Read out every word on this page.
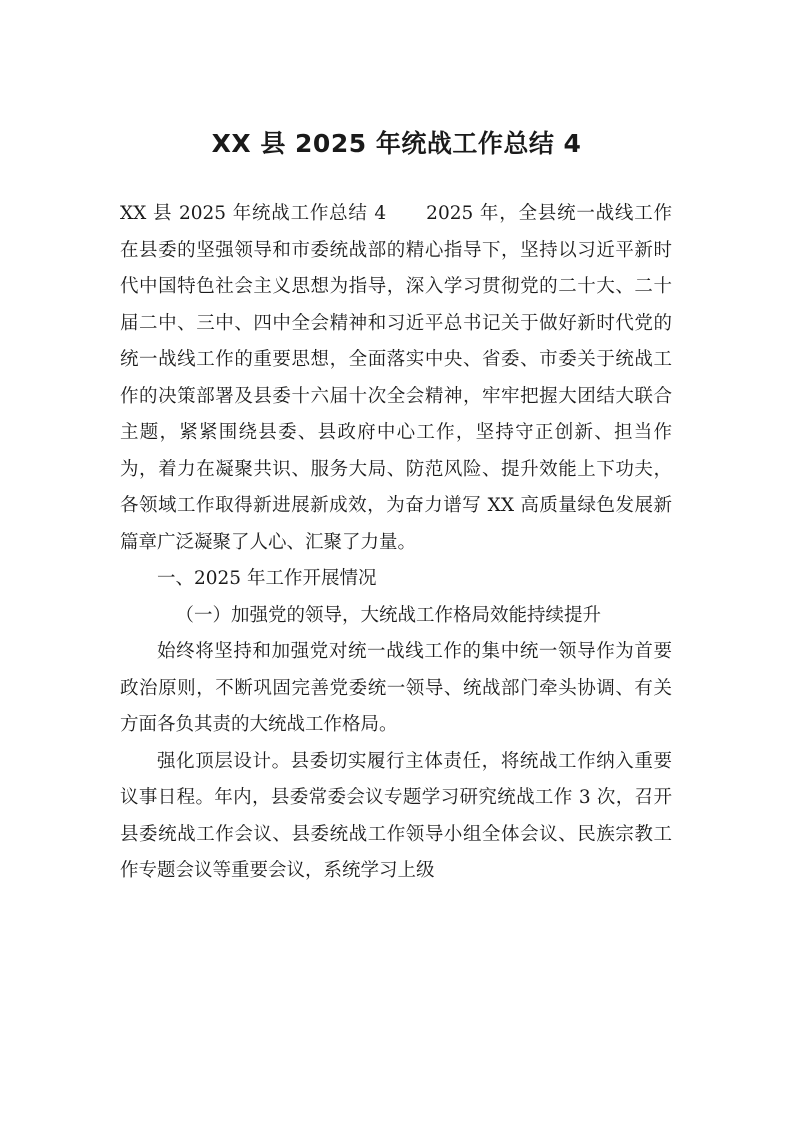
XX 县 2025 年统战工作总结 4

XX 县 2025 年统战工作总结 4 2025 年，全县统一战线工作在县委的坚强领导和市委统战部的精心指导下，坚持以习近平新时代中国特色社会主义思想为指导，深入学习贯彻党的二十大、二十届二中、三中、四中全会精神和习近平总书记关于做好新时代党的统一战线工作的重要思想，全面落实中央、省委、市委关于统战工作的决策部署及县委十六届十次全会精神，牢牢把握大团结大联合主题，紧紧围绕县委、县政府中心工作，坚持守正创新、担当作为，着力在凝聚共识、服务大局、防范风险、提升效能上下功夫，各领域工作取得新进展新成效，为奋力谱写 XX 高质量绿色发展新篇章广泛凝聚了人心、汇聚了力量。

一、2025 年工作开展情况

（一）加强党的领导，大统战工作格局效能持续提升

始终将坚持和加强党对统一战线工作的集中统一领导作为首要政治原则，不断巩固完善党委统一领导、统战部门牵头协调、有关方面各负其责的大统战工作格局。

强化顶层设计。县委切实履行主体责任，将统战工作纳入重要议事日程。年内，县委常委会议专题学习研究统战工作 3 次，召开县委统战工作会议、县委统战工作领导小组全体会议、民族宗教工作专题会议等重要会议，系统学习上级
